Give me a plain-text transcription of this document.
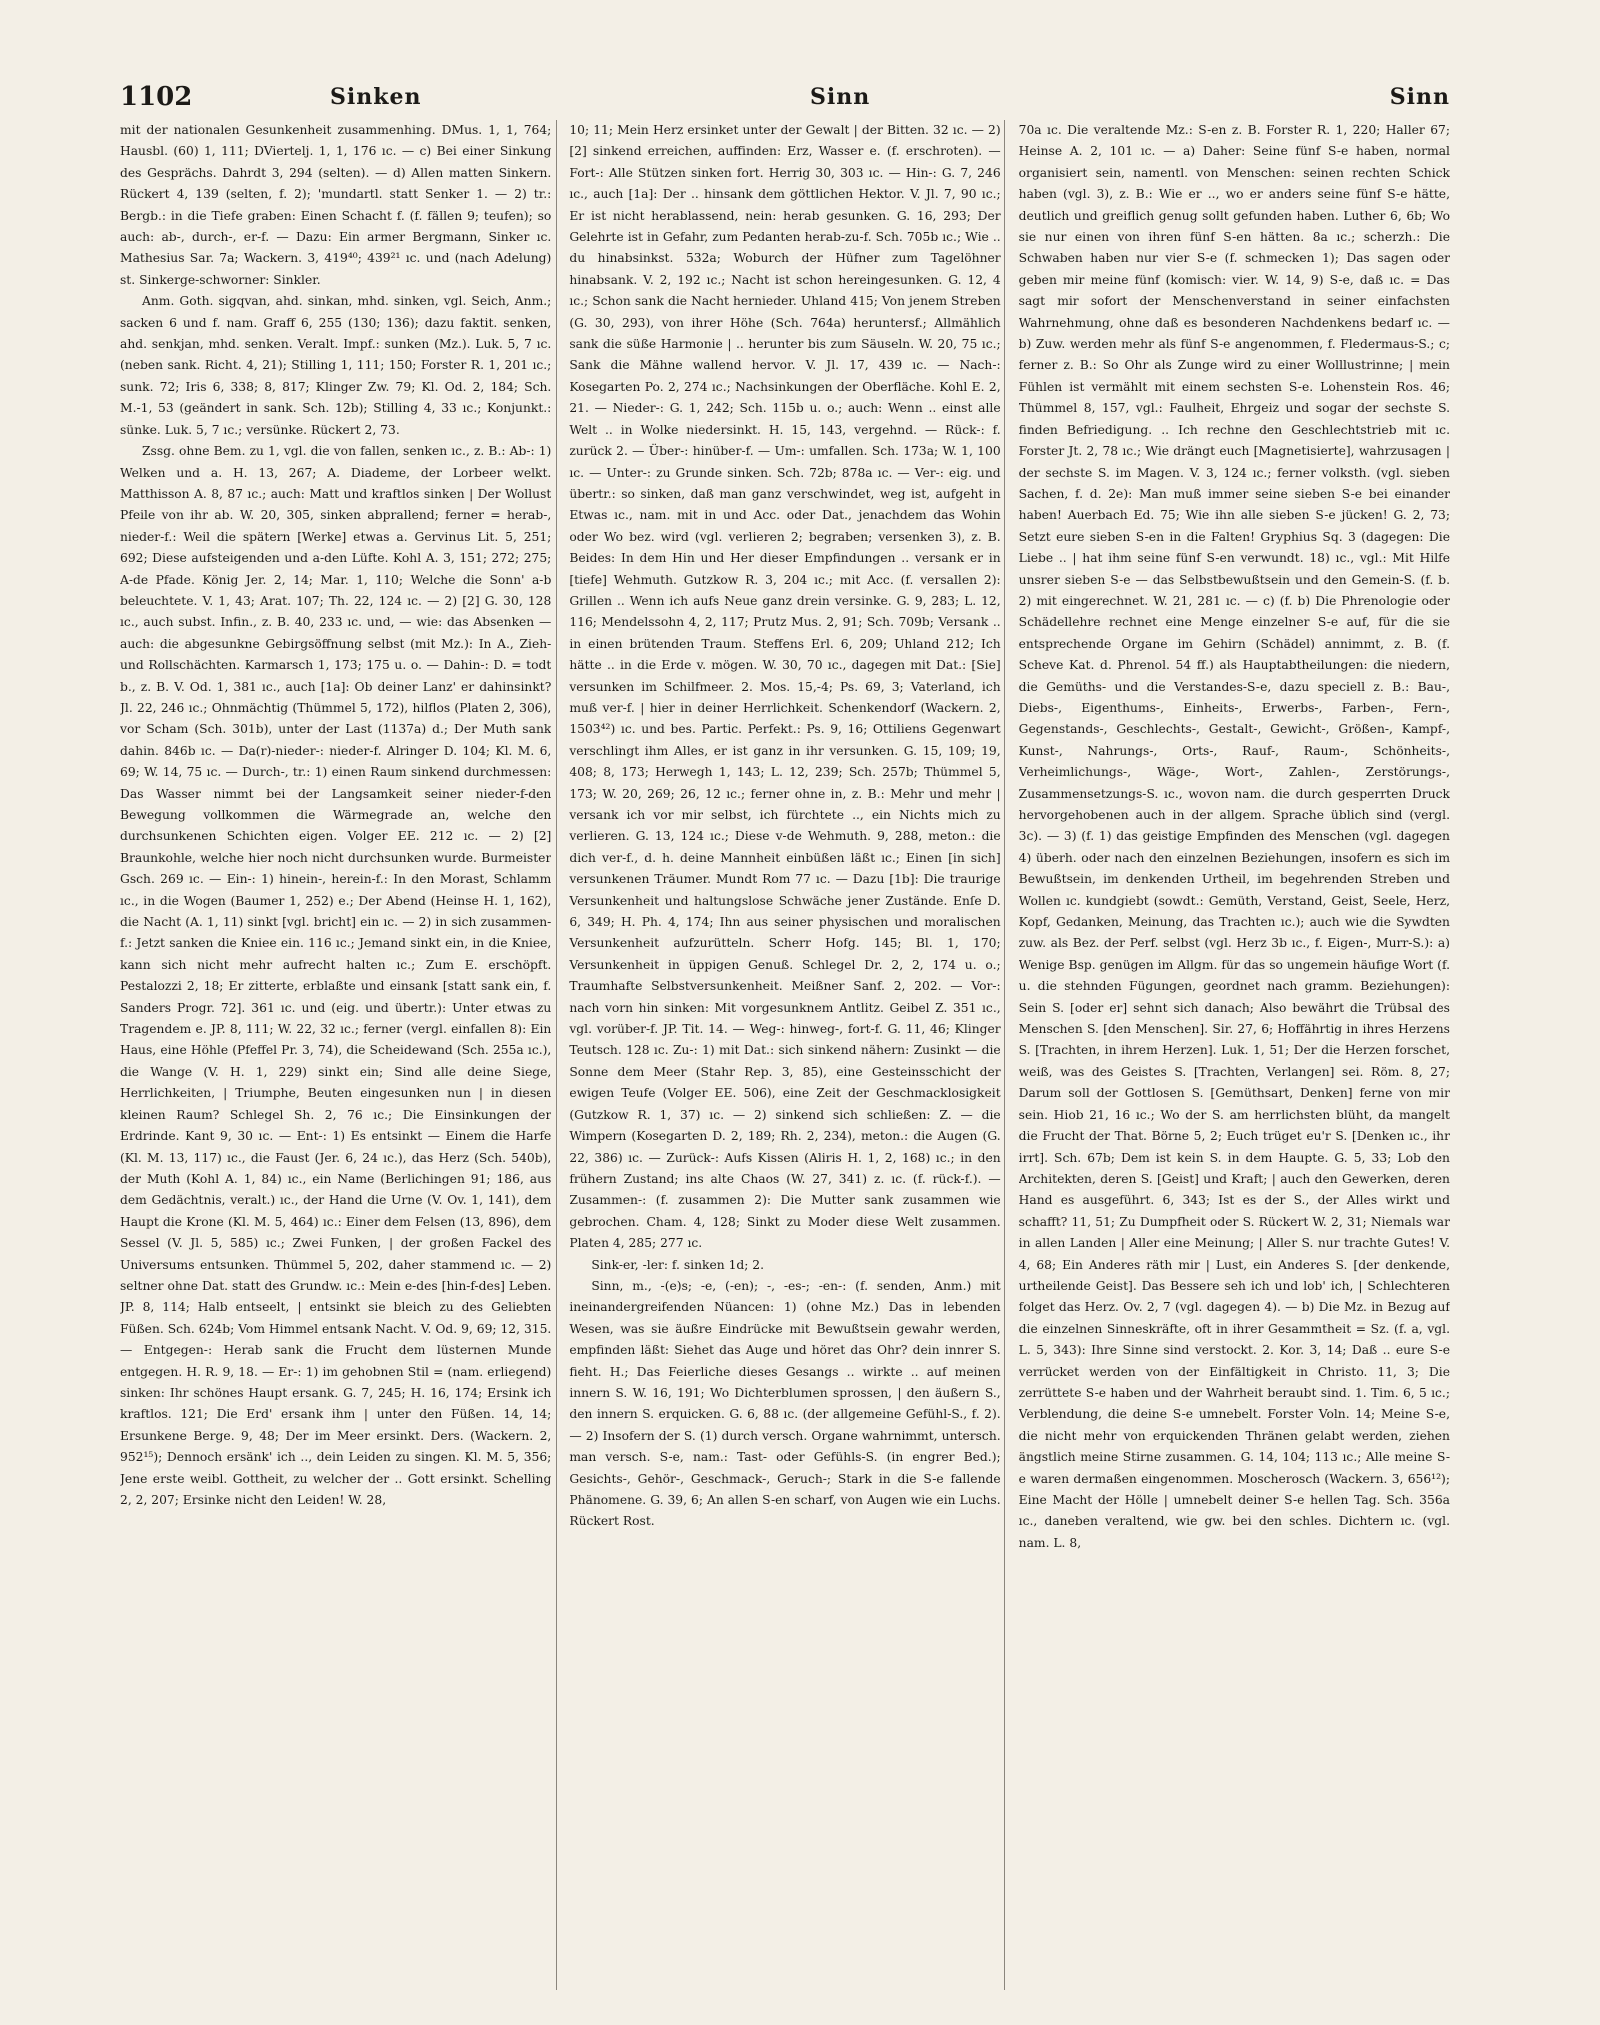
1102	Sinken	Sinn	Sinn

mit der nationalen Gesunkenheit zusammenhing. DMus. 1, 1, 764; Hausbl. (60) 1, 111; DViertelj. 1, 1, 176 ıc. — c) Bei einer Sinkung des Gesprächs. Dahrdt 3, 294 (selten). — d) Allen matten Sinkern. Rückert 4, 139 (selten, f. 2); 'mundartl. statt Senker 1. — 2) tr.: Bergb.: in die Tiefe graben: Einen Schacht f. (f. fällen 9; teufen); so auch: ab-, durch-, er-f. — Dazu: Ein armer Bergmann, Sinker ıc. Mathesius Sar. 7a; Wackern. 3, 419⁴⁰; 439²¹ ıc. und (nach Adelung) st. Sinkerge-schworner: Sinkler.

Anm. Goth. sigqvan, ahd. sinkan, mhd. sinken, vgl. Seich, Anm.; sacken 6 und f. nam. Graff 6, 255 (130; 136); dazu faktit. senken, ahd. senkjan, mhd. senken. Veralt. Impf.: sunken (Mz.). Luk. 5, 7 ıc. (neben sank. Richt. 4, 21); Stilling 1, 111; 150; Forster R. 1, 201 ıc.; sunk. 72; Iris 6, 338; 8, 817; Klinger Zw. 79; Kl. Od. 2, 184; Sch. M.-1, 53 (geändert in sank. Sch. 12b); Stilling 4, 33 ıc.; Konjunkt.: sünke. Luk. 5, 7 ıc.; versünke. Rückert 2, 73.

Zssg. ohne Bem. zu 1, vgl. die von fallen, senken ıc., z. B.: Ab-: 1) Welken und a. H. 13, 267; A. Diademe, der Lorbeer welkt. Matthisson A. 8, 87 ıc.; auch: Matt und kraftlos sinken | Der Wollust Pfeile von ihr ab. W. 20, 305, sinken abprallend; ferner = herab-, nieder-f.: Weil die spätern [Werke] etwas a. Gervinus Lit. 5, 251; 692; Diese aufsteigenden und a-den Lüfte. Kohl A. 3, 151; 272; 275; A-de Pfade. König Jer. 2, 14; Mar. 1, 110; Welche die Sonn' a-b beleuchtete. V. 1, 43; Arat. 107; Th. 22, 124 ıc. — 2) [2] G. 30, 128 ıc., auch subst. Infin., z. B. 40, 233 ıc. und, — wie: das Absenken — auch: die abgesunkne Gebirgsöffnung selbst (mit Mz.): In A., Zieh- und Rollschächten. Karmarsch 1, 173; 175 u. o. — Dahin-: D. = todt b., z. B. V. Od. 1, 381 ıc., auch [1a]: Ob deiner Lanz' er dahinsinkt? Jl. 22, 246 ıc.; Ohnmächtig (Thümmel 5, 172), hilflos (Platen 2, 306), vor Scham (Sch. 301b), unter der Last (1137a) d.; Der Muth sank dahin. 846b ıc. — Da(r)-nieder-: nieder-f. Alringer D. 104; Kl. M. 6, 69; W. 14, 75 ıc. — Durch-, tr.: 1) einen Raum sinkend durchmessen: Das Wasser nimmt bei der Langsamkeit seiner nieder-f-den Bewegung vollkommen die Wärmegrade an, welche den durchsunkenen Schichten eigen. Volger EE. 212 ıc. — 2) [2] Braunkohle, welche hier noch nicht durchsunken wurde. Burmeister Gsch. 269 ıc. — Ein-: 1) hinein-, herein-f.: In den Morast, Schlamm ıc., in die Wogen (Baumer 1, 252) e.; Der Abend (Heinse H. 1, 162), die Nacht (A. 1, 11) sinkt [vgl. bricht] ein ıc. — 2) in sich zusammen-f.: Jetzt sanken die Kniee ein. 116 ıc.; Jemand sinkt ein, in die Kniee, kann sich nicht mehr aufrecht halten ıc.; Zum E. erschöpft. Pestalozzi 2, 18; Er zitterte, erblaßte und einsank [statt sank ein, f. Sanders Progr. 72]. 361 ıc. und (eig. und übertr.): Unter etwas zu Tragendem e. JP. 8, 111; W. 22, 32 ıc.; ferner (vergl. einfallen 8): Ein Haus, eine Höhle (Pfeffel Pr. 3, 74), die Scheidewand (Sch. 255a ıc.), die Wange (V. H. 1, 229) sinkt ein; Sind alle deine Siege, Herrlichkeiten, | Triumphe, Beuten eingesunken nun | in diesen kleinen Raum? Schlegel Sh. 2, 76 ıc.; Die Einsinkungen der Erdrinde. Kant 9, 30 ıc. — Ent-: 1) Es entsinkt — Einem die Harfe (Kl. M. 13, 117) ıc., die Faust (Jer. 6, 24 ıc.), das Herz (Sch. 540b), der Muth (Kohl A. 1, 84) ıc., ein Name (Berlichingen 91; 186, aus dem Gedächtnis, veralt.) ıc., der Hand die Urne (V. Ov. 1, 141), dem Haupt die Krone (Kl. M. 5, 464) ıc.: Einer dem Felsen (13, 896), dem Sessel (V. Jl. 5, 585) ıc.; Zwei Funken, | der großen Fackel des Universums entsunken. Thümmel 5, 202, daher stammend ıc. — 2) seltner ohne Dat. statt des Grundw. ıc.: Mein e-des [hin-f-des] Leben. JP. 8, 114; Halb entseelt, | entsinkt sie bleich zu des Geliebten Füßen. Sch. 624b; Vom Himmel entsank Nacht. V. Od. 9, 69; 12, 315. — Entgegen-: Herab sank die Frucht dem lüsternen Munde entgegen. H. R. 9, 18. — Er-: 1) im gehobnen Stil = (nam. erliegend) sinken: Ihr schönes Haupt ersank. G. 7, 245; H. 16, 174; Ersink ich kraftlos. 121; Die Erd' ersank ihm | unter den Füßen. 14, 14; Ersunkene Berge. 9, 48; Der im Meer ersinkt. Ders. (Wackern. 2, 952¹⁵); Dennoch ersänk' ich .., dein Leiden zu singen. Kl. M. 5, 356; Jene erste weibl. Gottheit, zu welcher der .. Gott ersinkt. Schelling 2, 2, 207; Ersinke nicht den Leiden! W. 28,

10; 11; Mein Herz ersinket unter der Gewalt | der Bitten. 32 ıc. — 2) [2] sinkend erreichen, auffinden: Erz, Wasser e. (f. erschroten). — Fort-: Alle Stützen sinken fort. Herrig 30, 303 ıc. — Hin-: G. 7, 246 ıc., auch [1a]: Der .. hinsank dem göttlichen Hektor. V. Jl. 7, 90 ıc.; Er ist nicht herablassend, nein: herab gesunken. G. 16, 293; Der Gelehrte ist in Gefahr, zum Pedanten herab-zu-f. Sch. 705b ıc.; Wie .. du hinabsinkst. 532a; Woburch der Hüfner zum Tagelöhner hinabsank. V. 2, 192 ıc.; Nacht ist schon hereingesunken. G. 12, 4 ıc.; Schon sank die Nacht hernieder. Uhland 415; Von jenem Streben (G. 30, 293), von ihrer Höhe (Sch. 764a) heruntersf.; Allmählich sank die süße Harmonie | .. herunter bis zum Säuseln. W. 20, 75 ıc.; Sank die Mähne wallend hervor. V. Jl. 17, 439 ıc. — Nach-: Kosegarten Po. 2, 274 ıc.; Nachsinkungen der Oberfläche. Kohl E. 2, 21. — Nieder-: G. 1, 242; Sch. 115b u. o.; auch: Wenn .. einst alle Welt .. in Wolke niedersinkt. H. 15, 143, vergehnd. — Rück-: f. zurück 2. — Über-: hinüber-f. — Um-: umfallen. Sch. 173a; W. 1, 100 ıc. — Unter-: zu Grunde sinken. Sch. 72b; 878a ıc. — Ver-: eig. und übertr.: so sinken, daß man ganz verschwindet, weg ist, aufgeht in Etwas ıc., nam. mit in und Acc. oder Dat., jenachdem das Wohin oder Wo bez. wird (vgl. verlieren 2; begraben; versenken 3), z. B. Beides: In dem Hin und Her dieser Empfindungen .. versank er in [tiefe] Wehmuth. Gutzkow R. 3, 204 ıc.; mit Acc. (f. versallen 2): Grillen .. Wenn ich aufs Neue ganz drein versinke. G. 9, 283; L. 12, 116; Mendelssohn 4, 2, 117; Prutz Mus. 2, 91; Sch. 709b; Versank .. in einen brütenden Traum. Steffens Erl. 6, 209; Uhland 212; Ich hätte .. in die Erde v. mögen. W. 30, 70 ıc., dagegen mit Dat.: [Sie] versunken im Schilfmeer. 2. Mos. 15,-4; Ps. 69, 3; Vaterland, ich muß ver-f. | hier in deiner Herrlichkeit. Schenkendorf (Wackern. 2, 1503⁴²) ıc. und bes. Partic. Perfekt.: Ps. 9, 16; Ottiliens Gegenwart verschlingt ihm Alles, er ist ganz in ihr versunken. G. 15, 109; 19, 408; 8, 173; Herwegh 1, 143; L. 12, 239; Sch. 257b; Thümmel 5, 173; W. 20, 269; 26, 12 ıc.; ferner ohne in, z. B.: Mehr und mehr | versank ich vor mir selbst, ich fürchtete .., ein Nichts mich zu verlieren. G. 13, 124 ıc.; Diese v-de Wehmuth. 9, 288, meton.: die dich ver-f., d. h. deine Mannheit einbüßen läßt ıc.; Einen [in sich] versunkenen Träumer. Mundt Rom 77 ıc. — Dazu [1b]: Die traurige Versunkenheit und haltungslose Schwäche jener Zustände. Enſe D. 6, 349; H. Ph. 4, 174; Ihn aus seiner physischen und moralischen Versunkenheit aufzurütteln. Scherr Hofg. 145; Bl. 1, 170; Versunkenheit in üppigen Genuß. Schlegel Dr. 2, 2, 174 u. o.; Traumhafte Selbstversunkenheit. Meißner Sanf. 2, 202. — Vor-: nach vorn hin sinken: Mit vorgesunknem Antlitz. Geibel Z. 351 ıc., vgl. vorüber-f. JP. Tit. 14. — Weg-: hinweg-, fort-f. G. 11, 46; Klinger Teutsch. 128 ıc. Zu-: 1) mit Dat.: sich sinkend nähern: Zusinkt — die Sonne dem Meer (Stahr Rep. 3, 85), eine Gesteinsschicht der ewigen Teufe (Volger EE. 506), eine Zeit der Geschmacklosigkeit (Gutzkow R. 1, 37) ıc. — 2) sinkend sich schließen: Z. — die Wimpern (Kosegarten D. 2, 189; Rh. 2, 234), meton.: die Augen (G. 22, 386) ıc. — Zurück-: Aufs Kissen (Aliris H. 1, 2, 168) ıc.; in den frühern Zustand; ins alte Chaos (W. 27, 341) z. ıc. (f. rück-f.). — Zusammen-: (f. zusammen 2): Die Mutter sank zusammen wie gebrochen. Cham. 4, 128; Sinkt zu Moder diese Welt zusammen. Platen 4, 285; 277 ıc.

Sink-er, -ler: f. sinken 1d; 2.

Sinn, m., -(e)s; -e, (-en); -, -es-; -en-: (f. senden, Anm.) mit ineinandergreifenden Nüancen: 1) (ohne Mz.) Das in lebenden Wesen, was sie äußre Eindrücke mit Bewußtsein gewahr werden, empfinden läßt: Siehet das Auge und höret das Ohr? dein innrer S. fieht. H.; Das Feierliche dieses Gesangs .. wirkte .. auf meinen innern S. W. 16, 191; Wo Dichterblumen sprossen, | den äußern S., den innern S. erquicken. G. 6, 88 ıc. (der allgemeine Gefühl-S., f. 2). — 2) Insofern der S. (1) durch versch. Organe wahrnimmt, untersch. man versch. S-e, nam.: Tast- oder Gefühls-S. (in engrer Bed.); Gesichts-, Gehör-, Geschmack-, Geruch-; Stark in die S-e fallende Phänomene. G. 39, 6; An allen S-en scharf, von Augen wie ein Luchs. Rückert Rost.

70a ıc. Die veraltende Mz.: S-en z. B. Forster R. 1, 220; Haller 67; Heinse A. 2, 101 ıc. — a) Daher: Seine fünf S-e haben, normal organisiert sein, namentl. von Menschen: seinen rechten Schick haben (vgl. 3), z. B.: Wie er .., wo er anders seine fünf S-e hätte, deutlich und greiflich genug sollt gefunden haben. Luther 6, 6b; Wo sie nur einen von ihren fünf S-en hätten. 8a ıc.; scherzh.: Die Schwaben haben nur vier S-e (f. schmecken 1); Das sagen oder geben mir meine fünf (komisch: vier. W. 14, 9) S-e, daß ıc. = Das sagt mir sofort der Menschenverstand in seiner einfachsten Wahrnehmung, ohne daß es besonderen Nachdenkens bedarf ıc. — b) Zuw. werden mehr als fünf S-e angenommen, f. Fledermaus-S.; c; ferner z. B.: So Ohr als Zunge wird zu einer Wolllustrinne; | mein Fühlen ist vermählt mit einem sechsten S-e. Lohenstein Ros. 46; Thümmel 8, 157, vgl.: Faulheit, Ehrgeiz und sogar der sechste S. finden Befriedigung. .. Ich rechne den Geschlechtstrieb mit ıc. Forster Jt. 2, 78 ıc.; Wie drängt euch [Magnetisierte], wahrzusagen | der sechste S. im Magen. V. 3, 124 ıc.; ferner volksth. (vgl. sieben Sachen, f. d. 2e): Man muß immer seine sieben S-e bei einander haben! Auerbach Ed. 75; Wie ihn alle sieben S-e jücken! G. 2, 73; Setzt eure sieben S-en in die Falten! Gryphius Sq. 3 (dagegen: Die Liebe .. | hat ihm seine fünf S-en verwundt. 18) ıc., vgl.: Mit Hilfe unsrer sieben S-e — das Selbstbewußtsein und den Gemein-S. (f. b. 2) mit eingerechnet. W. 21, 281 ıc. — c) (f. b) Die Phrenologie oder Schädellehre rechnet eine Menge einzelner S-e auf, für die sie entsprechende Organe im Gehirn (Schädel) annimmt, z. B. (f. Scheve Kat. d. Phrenol. 54 ff.) als Hauptabtheilungen: die niedern, die Gemüths- und die Verstandes-S-e, dazu speciell z. B.: Bau-, Diebs-, Eigenthums-, Einheits-, Erwerbs-, Farben-, Fern-, Gegenstands-, Geschlechts-, Gestalt-, Gewicht-, Größen-, Kampf-, Kunst-, Nahrungs-, Orts-, Rauf-, Raum-, Schönheits-, Verheimlichungs-, Wäge-, Wort-, Zahlen-, Zerstörungs-, Zusammensetzungs-S. ıc., wovon nam. die durch gesperrten Druck hervorgehobenen auch in der allgem. Sprache üblich sind (vergl. 3c). — 3) (f. 1) das geistige Empfinden des Menschen (vgl. dagegen 4) überh. oder nach den einzelnen Beziehungen, insofern es sich im Bewußtsein, im denkenden Urtheil, im begehrenden Streben und Wollen ıc. kundgiebt (sowdt.: Gemüth, Verstand, Geist, Seele, Herz, Kopf, Gedanken, Meinung, das Trachten ıc.); auch wie die Sywdten zuw. als Bez. der Perf. selbst (vgl. Herz 3b ıc., f. Eigen-, Murr-S.): a) Wenige Bsp. genügen im Allgm. für das so ungemein häufige Wort (f. u. die stehnden Fügungen, geordnet nach gramm. Beziehungen): Sein S. [oder er] sehnt sich danach; Also bewährt die Trübsal des Menschen S. [den Menschen]. Sir. 27, 6; Hoffährtig in ihres Herzens S. [Trachten, in ihrem Herzen]. Luk. 1, 51; Der die Herzen forschet, weiß, was des Geistes S. [Trachten, Verlangen] sei. Röm. 8, 27; Darum soll der Gottlosen S. [Gemüthsart, Denken] ferne von mir sein. Hiob 21, 16 ıc.; Wo der S. am herrlichsten blüht, da mangelt die Frucht der That. Börne 5, 2; Euch trüget eu'r S. [Denken ıc., ihr irrt]. Sch. 67b; Dem ist kein S. in dem Haupte. G. 5, 33; Lob den Architekten, deren S. [Geist] und Kraft; | auch den Gewerken, deren Hand es ausgeführt. 6, 343; Ist es der S., der Alles wirkt und schafft? 11, 51; Zu Dumpfheit oder S. Rückert W. 2, 31; Niemals war in allen Landen | Aller eine Meinung; | Aller S. nur trachte Gutes! V. 4, 68; Ein Anderes räth mir | Lust, ein Anderes S. [der denkende, urtheilende Geist]. Das Bessere seh ich und lob' ich, | Schlechteren folget das Herz. Ov. 2, 7 (vgl. dagegen 4). — b) Die Mz. in Bezug auf die einzelnen Sinneskräfte, oft in ihrer Gesammtheit = Sz. (f. a, vgl. L. 5, 343): Ihre Sinne sind verstockt. 2. Kor. 3, 14; Daß .. eure S-e verrücket werden von der Einfältigkeit in Christo. 11, 3; Die zerrüttete S-e haben und der Wahrheit beraubt sind. 1. Tim. 6, 5 ıc.; Verblendung, die deine S-e umnebelt. Forster Voln. 14; Meine S-e, die nicht mehr von erquickenden Thränen gelabt werden, ziehen ängstlich meine Stirne zusammen. G. 14, 104; 113 ıc.; Alle meine S-e waren dermaßen eingenommen. Moscherosch (Wackern. 3, 656¹²); Eine Macht der Hölle | umnebelt deiner S-e hellen Tag. Sch. 356a ıc., daneben veraltend, wie gw. bei den schles. Dichtern ıc. (vgl. nam. L. 8,
